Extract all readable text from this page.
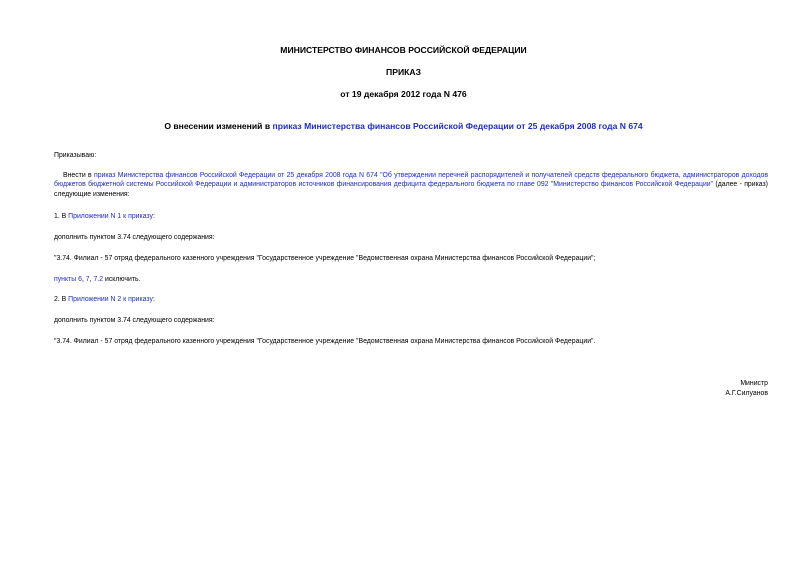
МИНИСТЕРСТВО ФИНАНСОВ РОССИЙСКОЙ ФЕДЕРАЦИИ
ПРИКАЗ
от 19 декабря 2012 года N 476
О внесении изменений в приказ Министерства финансов Российской Федерации от 25 декабря 2008 года N 674
Приказываю:
Внести в приказ Министерства финансов Российской Федерации от 25 декабря 2008 года N 674 "Об утверждении перечней распорядителей и получателей средств федерального бюджета, администраторов доходов бюджетов бюджетной системы Российской Федерации и администраторов источников финансирования дефицита федерального бюджета по главе 092 "Министерство финансов Российской Федерации" (далее - приказ) следующие изменения:
1. В Приложении N 1 к приказу:
дополнить пунктом 3.74 следующего содержания:
"3.74. Филиал - 57 отряд федерального казенного учреждения "Государственное учреждение "Ведомственная охрана Министерства финансов Российской Федерации";
пункты 6, 7, 7.2 исключить.
2. В Приложении N 2 к приказу:
дополнить пунктом 3.74 следующего содержания:
"3.74. Филиал - 57 отряд федерального казенного учреждения "Государственное учреждение "Ведомственная охрана Министерства финансов Российской Федерации".
Министр
А.Г.Силуанов
